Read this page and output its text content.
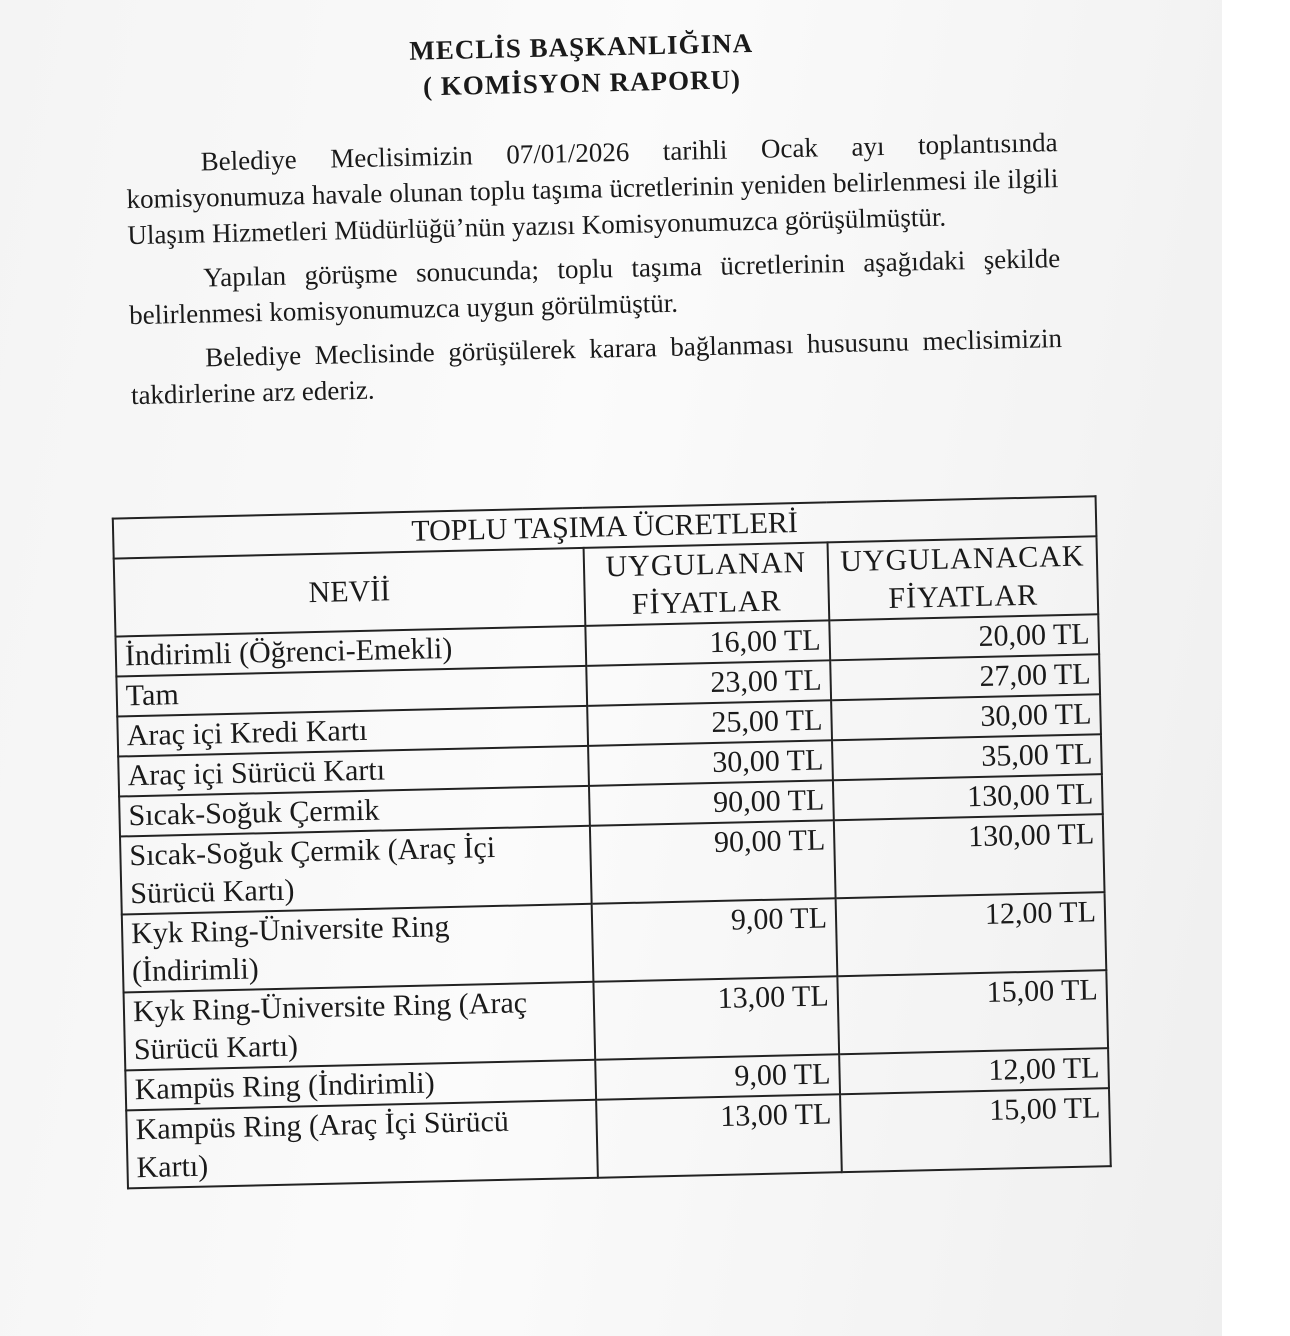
MECLİS BAŞKANLIĞINA
( KOMİSYON RAPORU)

Belediye Meclisimizin 07/01/2026 tarihli Ocak ayı toplantısında komisyonumuza havale olunan toplu taşıma ücretlerinin yeniden belirlenmesi ile ilgili Ulaşım Hizmetleri Müdürlüğü’nün yazısı Komisyonumuzca görüşülmüştür.

Yapılan görüşme sonucunda; toplu taşıma ücretlerinin aşağıdaki şekilde belirlenmesi komisyonumuzca uygun görülmüştür.

Belediye Meclisinde görüşülerek karara bağlanması hususunu meclisimizin takdirlerine arz ederiz.

TOPLU TAŞIMA ÜCRETLERİ		
NEVİİ	UYGULANAN FİYATLAR	UYGULANACAK FİYATLAR
İndirimli (Öğrenci-Emekli)	16,00 TL	20,00 TL
Tam	23,00 TL	27,00 TL
Araç içi Kredi Kartı	25,00 TL	30,00 TL
Araç içi Sürücü Kartı	30,00 TL	35,00 TL
Sıcak-Soğuk Çermik	90,00 TL	130,00 TL
Sıcak-Soğuk Çermik (Araç İçi Sürücü Kartı)	90,00 TL	130,00 TL
Kyk Ring-Üniversite Ring (İndirimli)	9,00 TL	12,00 TL
Kyk Ring-Üniversite Ring (Araç Sürücü Kartı)	13,00 TL	15,00 TL
Kampüs Ring (İndirimli)	9,00 TL	12,00 TL
Kampüs Ring (Araç İçi Sürücü Kartı)	13,00 TL	15,00 TL
